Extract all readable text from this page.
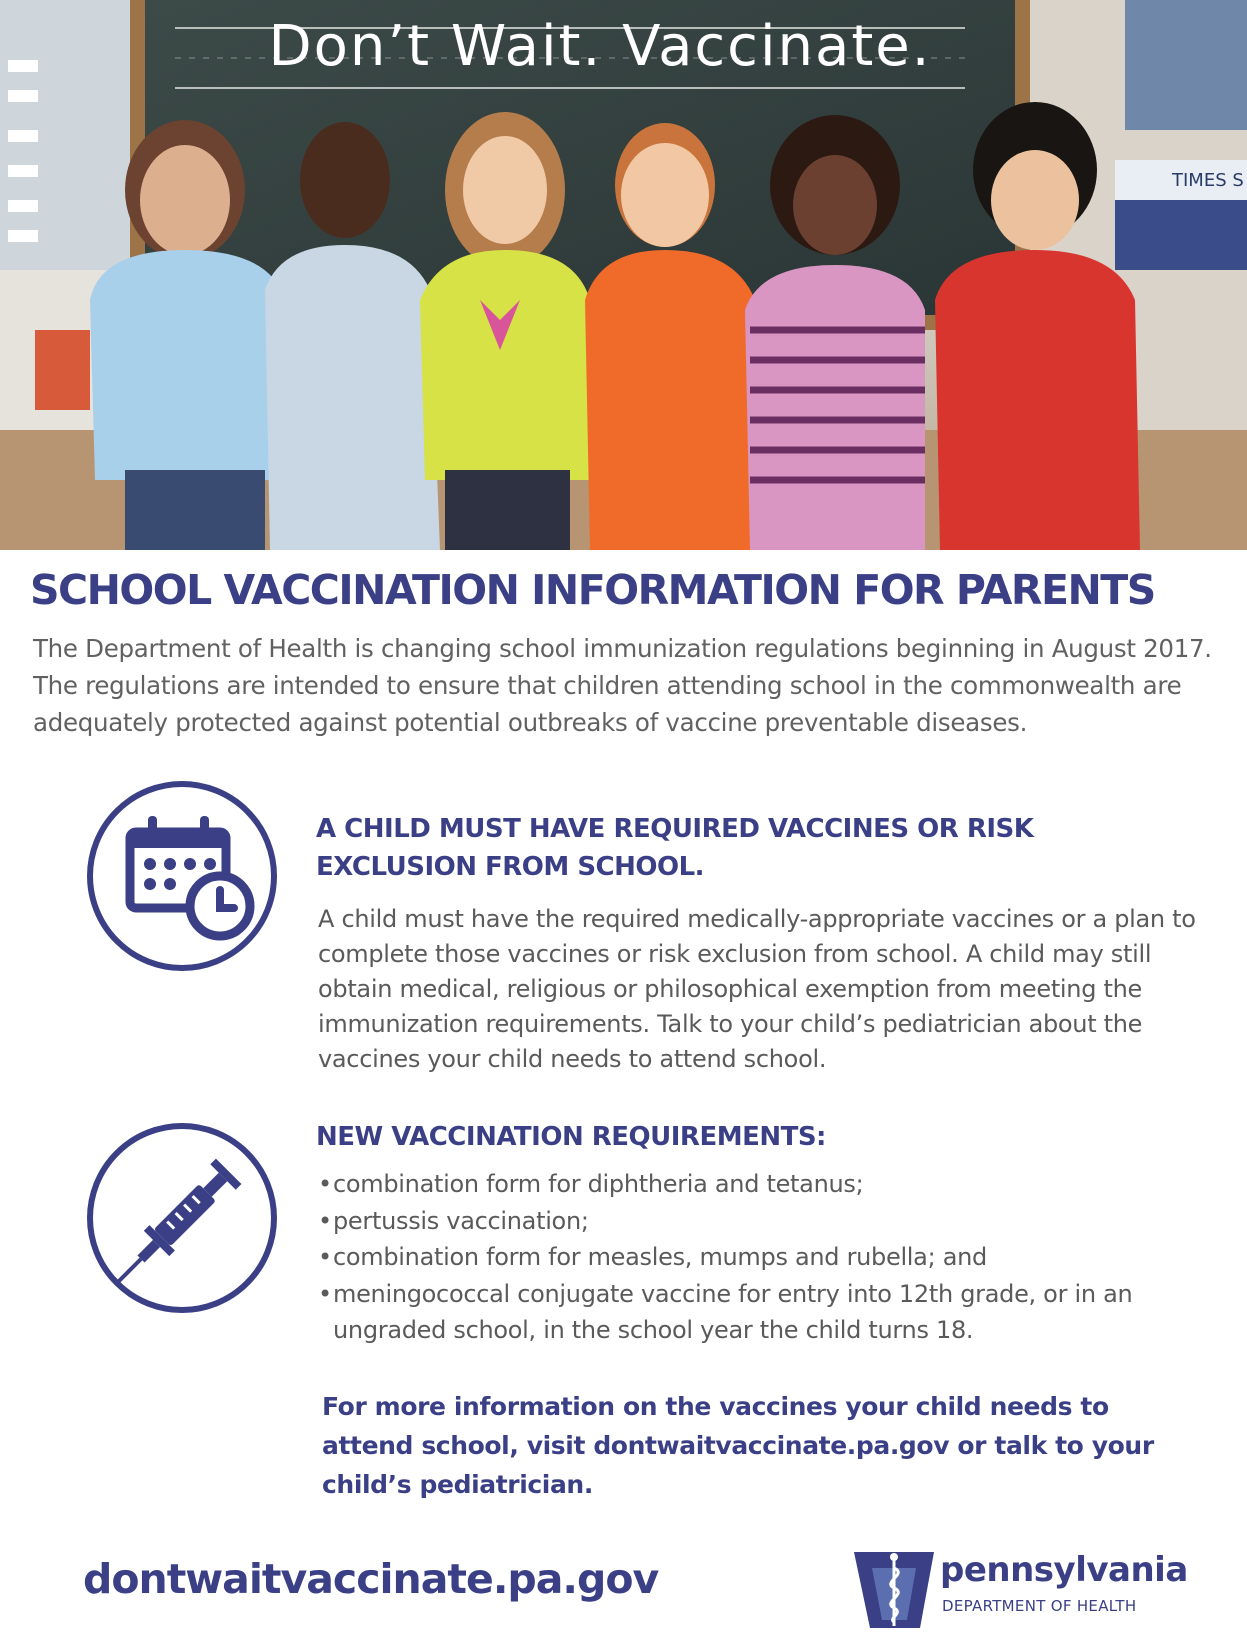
TIMES S
Don’t Wait. Vaccinate.
SCHOOL VACCINATION INFORMATION FOR PARENTS
The Department of Health is changing school immunization regulations beginning in August 2017. The regulations are intended to ensure that children attending school in the commonwealth are adequately protected against potential outbreaks of vaccine preventable diseases.
A CHILD MUST HAVE REQUIRED VACCINES OR RISK
EXCLUSION FROM SCHOOL.
A child must have the required medically-appropriate vaccines or a plan to complete those vaccines or risk exclusion from school. A child may still obtain medical, religious or philosophical exemption from meeting the immunization requirements. Talk to your child’s pediatrician about the vaccines your child needs to attend school.
NEW VACCINATION REQUIREMENTS:
• combination form for diphtheria and tetanus;
• pertussis vaccination;
• combination form for measles, mumps and rubella; and
• meningococcal conjugate vaccine for entry into 12th grade, or in an ungraded school, in the school year the child turns 18.
For more information on the vaccines your child needs to attend school, visit dontwaitvaccinate.pa.gov or talk to your child’s pediatrician.
dontwaitvaccinate.pa.gov	pennsylvania
DEPARTMENT OF HEALTH
